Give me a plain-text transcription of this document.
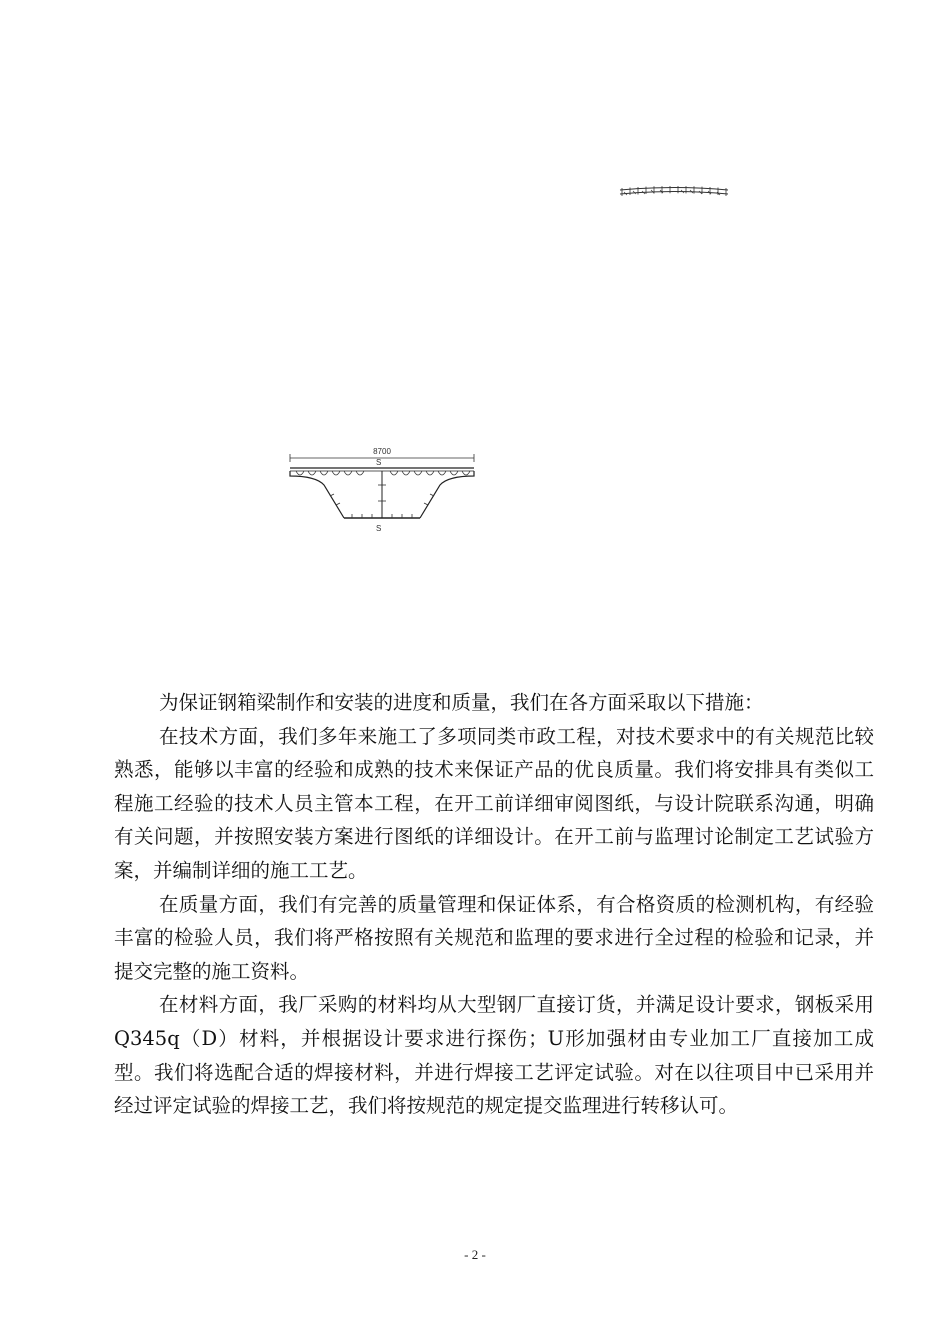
8700
S
S

为保证钢箱梁制作和安装的进度和质量，我们在各方面采取以下措施：

在技术方面，我们多年来施工了多项同类市政工程，对技术要求中的有关规范比较熟悉，能够以丰富的经验和成熟的技术来保证产品的优良质量。我们将安排具有类似工程施工经验的技术人员主管本工程，在开工前详细审阅图纸，与设计院联系沟通，明确有关问题，并按照安装方案进行图纸的详细设计。在开工前与监理讨论制定工艺试验方案，并编制详细的施工工艺。

在质量方面，我们有完善的质量管理和保证体系，有合格资质的检测机构，有经验丰富的检验人员，我们将严格按照有关规范和监理的要求进行全过程的检验和记录，并提交完整的施工资料。

在材料方面，我厂采购的材料均从大型钢厂直接订货，并满足设计要求，钢板采用Q345q（D）材料，并根据设计要求进行探伤；U形加强材由专业加工厂直接加工成型。我们将选配合适的焊接材料，并进行焊接工艺评定试验。对在以往项目中已采用并经过评定试验的焊接工艺，我们将按规范的规定提交监理进行转移认可。

- 2 -
